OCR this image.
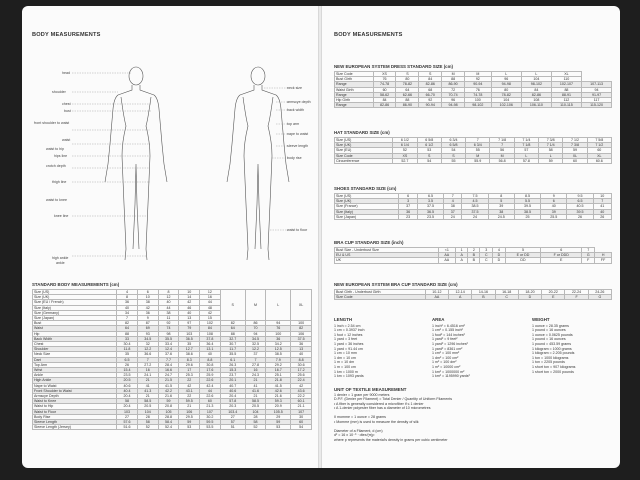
BODY MEASUREMENTS
head
shoulder
chest
bust
front shoulder to waist
waist
waist to hip
hips line
crotch depth
thigh line
waist to knee
knee line
high ankle
ankle
neck size
armscye depth
back width
top arm
nape to waist
sleeve length
body rise
waist to floor
STANDARD BODY MEASUREMENTS (cm)
Size (US)	4	6	8	10	12	S	M	L	XL
Size (UK)	8	10	12	14	16				
Size (EU / French)	36	38	40	42	44				
Size (Italy)	40	42	44	46	48				
Size (Germany)	34	36	38	40	42				
Size (Japan)	7	9	11	13	15				
Bust	82	87	92	97	102	82	86	94	100
Waist	64	69	74	79	84	64	70	76	82
Hip	88	93	98	103	108	88	94	100	106
Back Width	33	34.5	35.5	36.5	37.8	32.7	34.5	36	37.5
Chest	30.4	32	33.4	35	36.4	30.7	32.5	34.2	36
Shoulder	11.8	12.2	12.4	12.7	13.1	11.7	12.2	12.5	13
Neck Size	35	36.6	37.6	38.6	40	35.5	37	38.5	40
Dart	6.5	7	7.7	8.3	8.8	6.1	7	7.9	8.8
Top Arm	26	27.2	28.4	29.6	30.8	26.3	27.8	29.2	30.6
Wrist	15.4	16	16.6	17	17.6	15.3	16	16.7	17.2
Ankle	23.5	24.1	24.7	25.3	25.9	23.7	24.3	25.1	25.6
High Ankle	20.5	21	21.5	22	22.6	20.1	21	21.8	22.4
Nape to Waist	40.6	41	41.5	42	42.4	40.7	41	41.5	42
Front Shoulder to Waist	40.4	41.3	42.2	43.1	44	40.6	41.6	42.6	43.6
Armscye Depth	20.4	21	21.6	22	22.6	20.4	21	21.6	22.2
Waist to Knee	58	58.5	59	59.5	60	57.8	58.5	59.3	60.1
Waist to Hip	20.4	20.5	20.8	21	21.3	20.3	20.5	20.9	21.1
Waist to Floor	103	104	105	106	107	103.4	104	105.5	107
Body Rise	27	28	28.8	29.5	30.2	27	28	29	30
Sleeve Length	57.6	58	58.4	59	59.5	57	58	59	60
Sleeve Length (Jersey)	51.6	52	52.4	53	53.5	51	52	53	54
BODY MEASUREMENTS
NEW EUROPEAN SYSTEM DRESS STANDARD SIZE (cm)
Size Code	XS	S	S	M	M	L	L	XL	
Bust Girth	76	80	84	88	92	96	104	110	
Range	74-78	78-82	82-86	86-90	90-94	94-98	98-102	102-107	107-113
Waist Girth	60	64	68	72	76	80	84	88	94
Range	58-62	62-66	66-70	70-74	74-78	78-82	82-86	88-91	91-97
Hip Girth	84	88	92	96	100	104	108	112	117
Range	82-86	86-90	90-94	94-98	98-102	102-106	106-110	110-115	115-120
HAT STANDARD SIZE (cm)
Size (US)	6 1/2	6 5/8	6 3/4	7	7 1/8	7 1/4	7 3/8	7 1/2	7 5/8
Size (UK)	6 1/4	6 1/2	6 5/8	6 3/4	7	7 1/8	7 1/4	7 3/8	7 1/2
Size (EU)	52	53	54	55	56	57	58	59	60
Size Code	XS	S	S	M	M	L	L	XL	XL
Circumference	52.7	54	55	55.9	56.8	57.8	59	60	60.6
SHOES STANDARD SIZE (cm)
Size (US)	6	6.5	7	7.5	8	8.5	9	9.5	10
Size (UK)	3	3.5	4	4.5	5	5.5	6	6.5	7
Size (France)	37	37.5	38	38.5	39	39.5	40	40.5	41
Size (Italy)	36	36.5	37	37.5	38	38.5	39	39.5	40
Size (Japan)	23	23.5	24	24	24.5	25	25.5	26	26
BRA CUP STANDARD SIZE (inch)
Bust Size - Underbust Size	<1	1	2	3	4	5	6	7	
EU & US	AA	A	B	C	D	E or DD	F or DDD	G	H
UK	AA	A	B	C	D	DD	E	F	FF
NEW EUROPEAN SYSTEM BRA CUP STANDARD SIZE (cm)
Bust Girth - Underbust Girth	10-12	12-14	14-16	16-18	18-20	20-22	22-24	24-26
Size Code	AA	A	B	C	D	E	F	G
LENGTH
1 inch = 2.54 cm
1 cm = 0.3937 inch
1 foot = 12 inches
1 yard = 3 feet
1 yard = 36 inches
1 yard = 91.44 cm
1 cm = 10 mm
1 dm = 10 cm
1 m = 10 dm
1 m = 100 cm
1 km = 1000 m
1 km = 1093 yards
AREA
1 inch² = 6.4516 cm²
1 cm² = 0.155 inch²
1 foot² = 144 inches²
1 yard² = 9 feet²
1 yard² = 1296 inches²
1 yard² = 8361 cm²
1 cm² = 100 mm²
1 dm² = 100 cm²
1 m² = 100 dm²
1 m² = 10000 cm²
1 km² = 1000000 m²
1 km² = 1195990 yards²
WEIGHT
1 ounce = 28.35 grams
1 pound = 16 ounces
1 ounce = 0.0625 pounds
1 pound = 16 ounces
1 pound = 453.59 grams
1 kilogram = 1000 grams
1 kilogram = 2.205 pounds
1 ton = 1000 kilograms
1 ton = 2205 pounds
1 short ton = 907 kilograms
1 short ton = 2000 pounds
UNIT OF TEXTILE MEASUREMENT
1 denier = 1 gram per 9000 meters
D.P.F. (Denier per Filament) = Total Denier / Quantity of Uniform Filaments
• A fiber is generally considered a microfiber if ≤ 1 denier
• A 1-denier polyester fiber has a diameter of 10 micrometres

II momme = 1 ounce = 28 grams
• Momme (mm) is used to measure the density of silk

Diameter of a Filament, d (cm)
d² = 16 x 10⁻⁶ · dtex/(π)p
where p represents the material's density in grams per cubic centimeter
